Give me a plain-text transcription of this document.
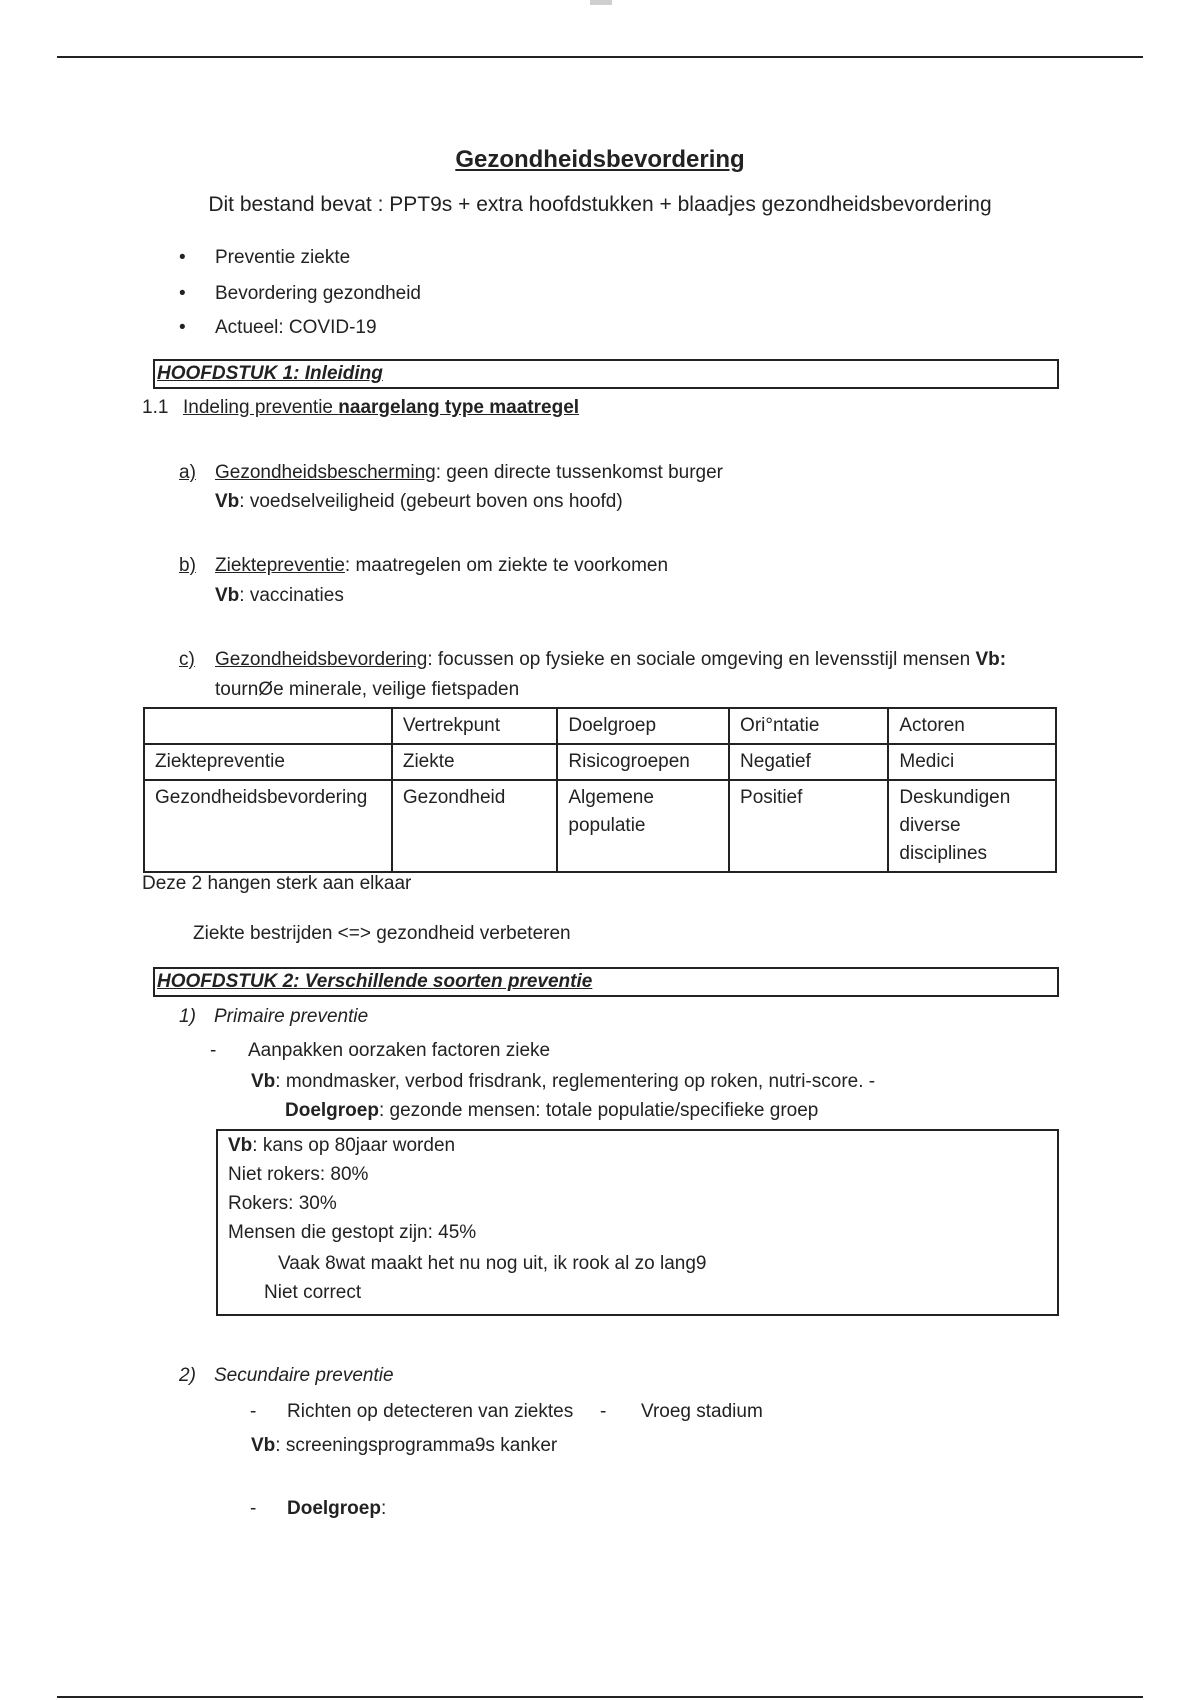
Gezondheidsbevordering
Dit bestand bevat : PPT9s + extra hoofdstukken + blaadjes gezondheidsbevordering
• Preventie ziekte
• Bevordering gezondheid
• Actueel: COVID-19
HOOFDSTUK 1: Inleiding
1.1 Indeling preventie naargelang type maatregel
a) Gezondheidsbescherming: geen directe tussenkomst burger
Vb: voedselveiligheid (gebeurt boven ons hoofd)
b) Ziektepreventie: maatregelen om ziekte te voorkomen
Vb: vaccinaties
c) Gezondheidsbevordering: focussen op fysieke en sociale omgeving en levensstijl mensen Vb:
tournØe minerale, veilige fietspaden
	Vertrekpunt	Doelgroep	Ori°ntatie	Actoren
Ziektepreventie	Ziekte	Risicogroepen	Negatief	Medici
Gezondheidsbevordering	Gezondheid	Algemene populatie	Positief	Deskundigen diverse disciplines
Deze 2 hangen sterk aan elkaar
Ziekte bestrijden <=> gezondheid verbeteren
HOOFDSTUK 2: Verschillende soorten preventie
1) Primaire preventie
- Aanpakken oorzaken factoren zieke
Vb: mondmasker, verbod frisdrank, reglementering op roken, nutri-score. -
Doelgroep: gezonde mensen: totale populatie/specifieke groep
Vb: kans op 80jaar worden
Niet rokers: 80%
Rokers: 30%
Mensen die gestopt zijn: 45%
Vaak 8wat maakt het nu nog uit, ik rook al zo lang9
Niet correct
2) Secundaire preventie
- Richten op detecteren van ziektes - Vroeg stadium
Vb: screeningsprogramma9s kanker
- Doelgroep:
